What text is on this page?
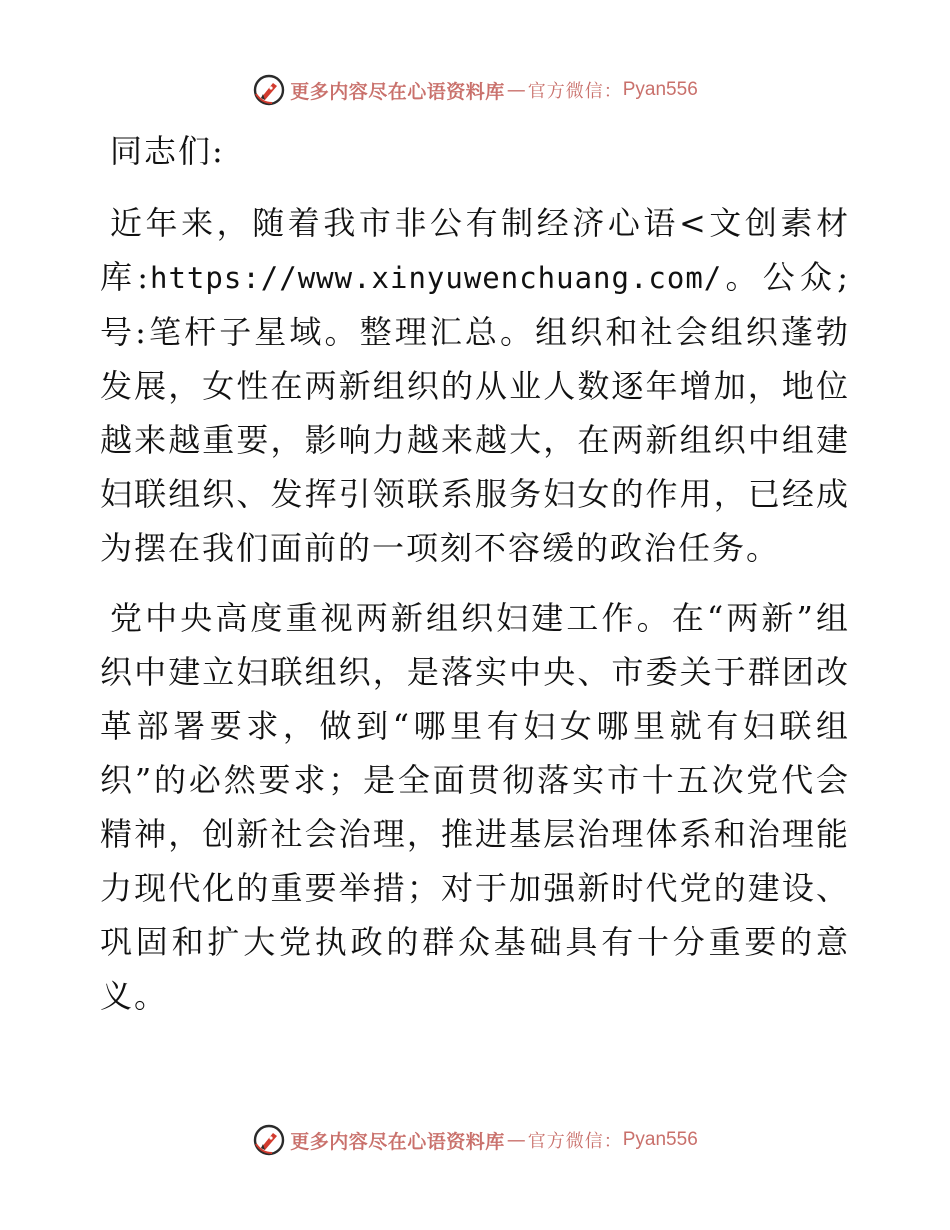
更多内容尽在心语资料库 — 官方微信： Pyan556

同志们:

近年来，随着我市非公有制经济心语<文创素材库:https://www.xinyuwenchuang.com/。公众;号:笔杆子星域。整理汇总。组织和社会组织蓬勃发展，女性在两新组织的从业人数逐年增加，地位越来越重要，影响力越来越大，在两新组织中组建妇联组织、发挥引领联系服务妇女的作用，已经成为摆在我们面前的一项刻不容缓的政治任务。

党中央高度重视两新组织妇建工作。在“两新”组织中建立妇联组织，是落实中央、市委关于群团改革部署要求，做到“哪里有妇女哪里就有妇联组织”的必然要求；是全面贯彻落实市十五次党代会精神，创新社会治理，推进基层治理体系和治理能力现代化的重要举措；对于加强新时代党的建设、巩固和扩大党执政的群众基础具有十分重要的意义。

更多内容尽在心语资料库 — 官方微信： Pyan556
